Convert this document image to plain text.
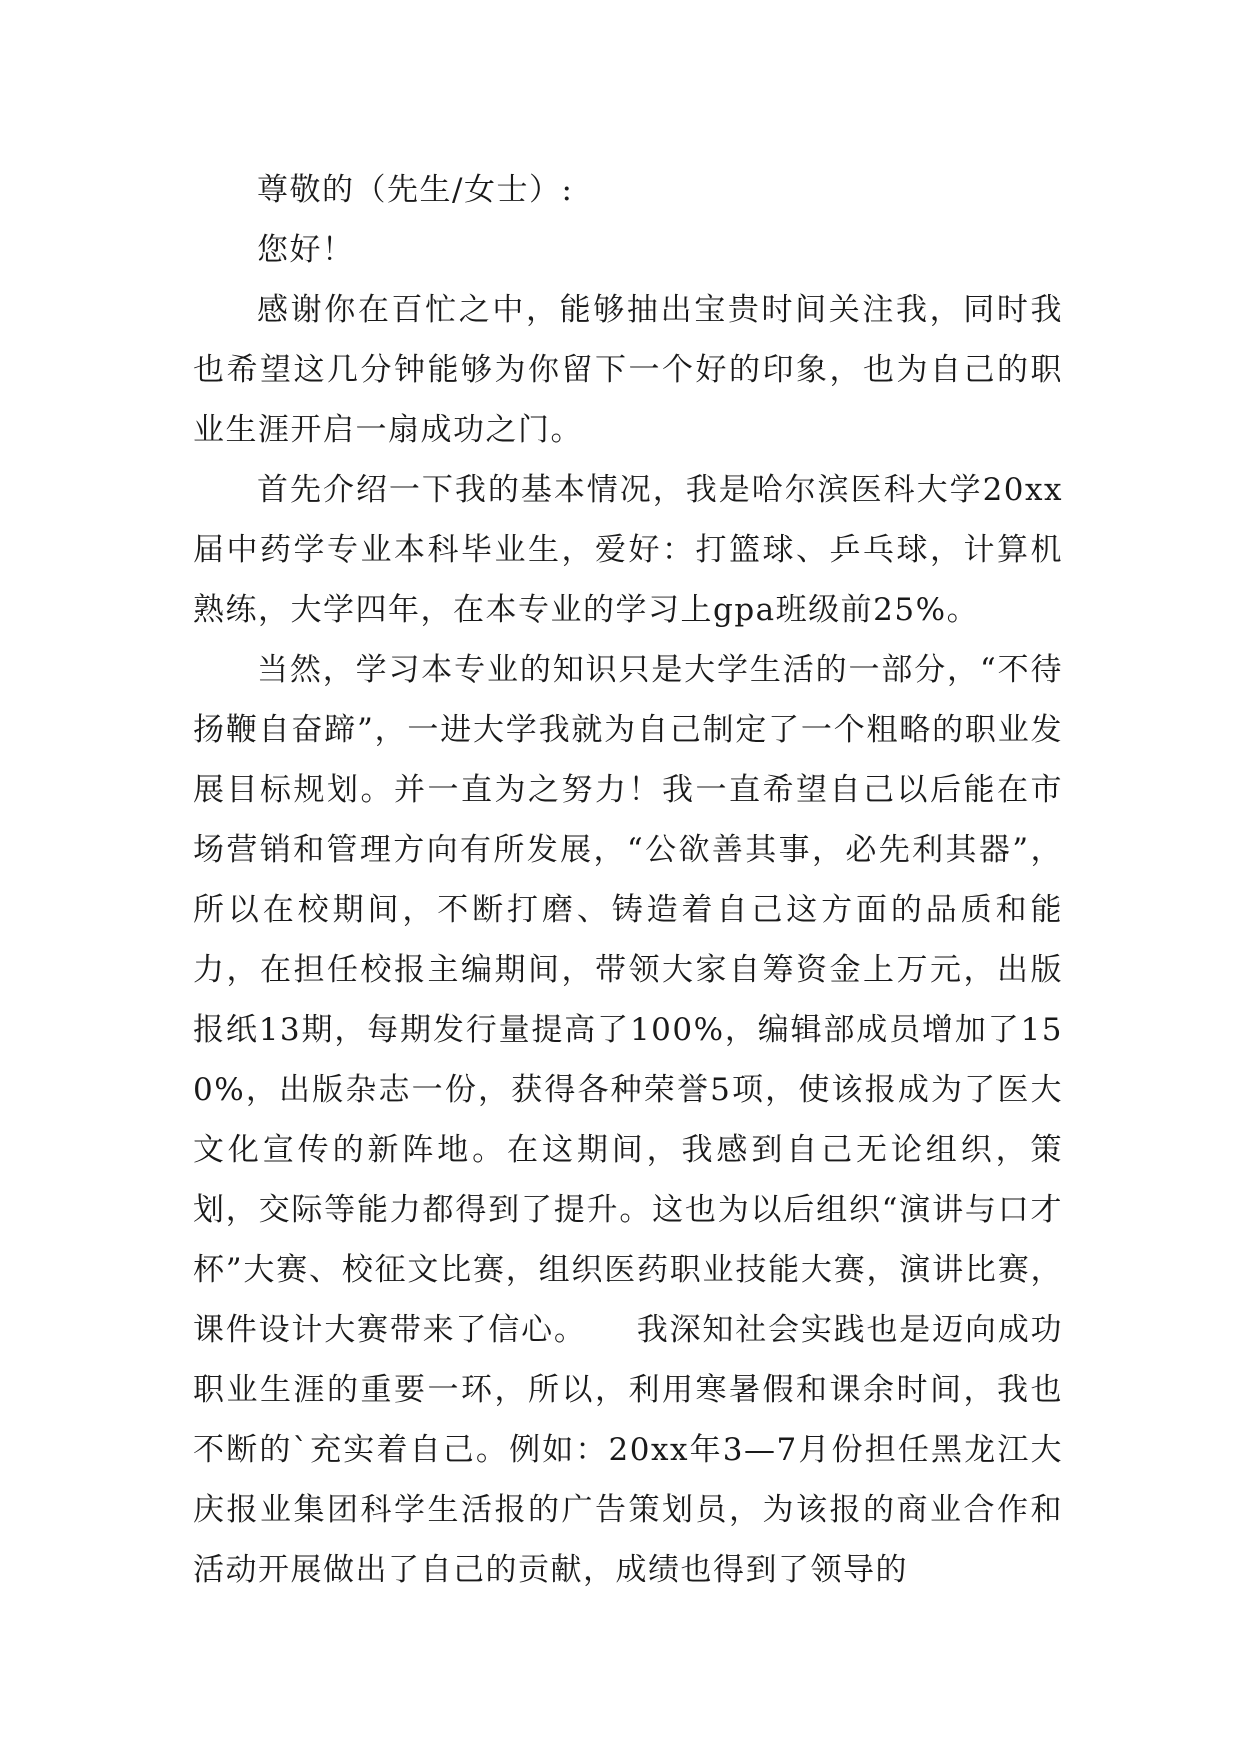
尊敬的（先生/女士）:

您好！

感谢你在百忙之中，能够抽出宝贵时间关注我，同时我也希望这几分钟能够为你留下一个好的印象，也为自己的职业生涯开启一扇成功之门。

首先介绍一下我的基本情况，我是哈尔滨医科大学20xx届中药学专业本科毕业生，爱好：打篮球、乒乓球，计算机熟练，大学四年，在本专业的学习上gpa班级前25%。

当然，学习本专业的知识只是大学生活的一部分，“不待扬鞭自奋蹄”，一进大学我就为自己制定了一个粗略的职业发展目标规划。并一直为之努力！我一直希望自己以后能在市场营销和管理方向有所发展，“公欲善其事，必先利其器”，所以在校期间，不断打磨、铸造着自己这方面的品质和能力，在担任校报主编期间，带领大家自筹资金上万元，出版报纸13期，每期发行量提高了100%，编辑部成员增加了150%，出版杂志一份，获得各种荣誉5项，使该报成为了医大文化宣传的新阵地。在这期间，我感到自己无论组织，策划，交际等能力都得到了提升。这也为以后组织“演讲与口才杯”大赛、校征文比赛，组织医药职业技能大赛，演讲比赛，课件设计大赛带来了信心。　　我深知社会实践也是迈向成功职业生涯的重要一环，所以，利用寒暑假和课余时间，我也不断的`充实着自己。例如：20xx年3—7月份担任黑龙江大庆报业集团科学生活报的广告策划员，为该报的商业合作和活动开展做出了自己的贡献，成绩也得到了领导的
